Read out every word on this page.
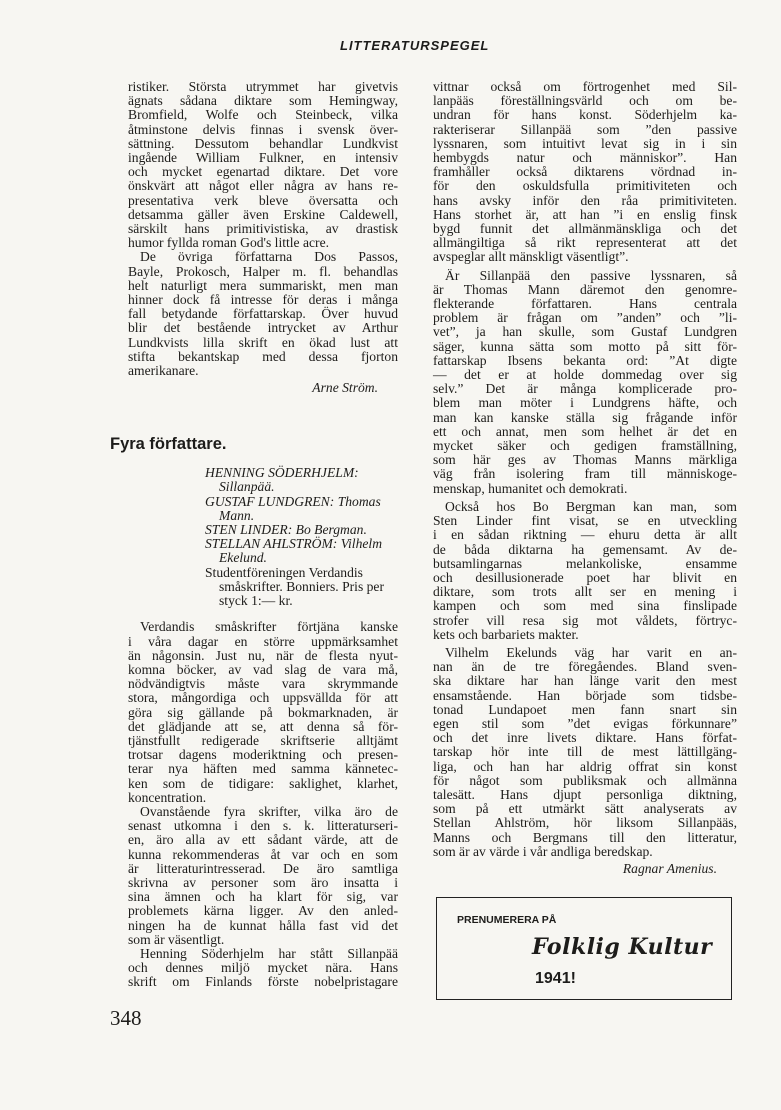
LITTERATURSPEGEL
ristiker. Största utrymmet har givetvis
ägnats sådana diktare som Hemingway,
Bromfield, Wolfe och Steinbeck, vilka
åtminstone delvis finnas i svensk över-
sättning. Dessutom behandlar Lundkvist
ingående William Fulkner, en intensiv
och mycket egenartad diktare. Det vore
önskvärt att något eller några av hans re-
presentativa verk bleve översatta och
detsamma gäller även Erskine Caldewell,
särskilt hans primitivistiska, av drastisk
humor fyllda roman God's little acre.
De övriga författarna Dos Passos,
Bayle, Prokosch, Halper m. fl. behandlas
helt naturligt mera summariskt, men man
hinner dock få intresse för deras i många
fall betydande författarskap. Över huvud
blir det bestående intrycket av Arthur
Lundkvists lilla skrift en ökad lust att
stifta bekantskap med dessa fjorton
amerikanare.
Arne Ström.
Fyra författare.
HENNING SÖDERHJELM: Sillanpää.
GUSTAF LUNDGREN: Thomas Mann.
STEN LINDER: Bo Bergman.
STELLAN AHLSTRÖM: Vilhelm Ekelund.
Studentföreningen Verdandis småskrifter. Bonniers. Pris per styck 1:— kr.
Verdandis småskrifter förtjäna kanske
i våra dagar en större uppmärksamhet
än någonsin. Just nu, när de flesta nyut-
komna böcker, av vad slag de vara må,
nödvändigtvis måste vara skrymmande
stora, mångordiga och uppsvällda för att
göra sig gällande på bokmarknaden, är
det glädjande att se, att denna så för-
tjänstfullt redigerade skriftserie alltjämt
trotsar dagens moderiktning och presen-
terar nya häften med samma kännetec-
ken som de tidigare: saklighet, klarhet,
koncentration.
Ovanstående fyra skrifter, vilka äro de
senast utkomna i den s. k. litteraturseri-
en, äro alla av ett sådant värde, att de
kunna rekommenderas åt var och en som
är litteraturintresserad. De äro samtliga
skrivna av personer som äro insatta i
sina ämnen och ha klart för sig, var
problemets kärna ligger. Av den anled-
ningen ha de kunnat hålla fast vid det
som är väsentligt.
Henning Söderhjelm har stått Sillanpää
och dennes miljö mycket nära. Hans
skrift om Finlands förste nobelpristagare
348
vittnar också om förtrogenhet med Sil-
lanpääs föreställningsvärld och om be-
undran för hans konst. Söderhjelm ka-
rakteriserar Sillanpää som ”den passive
lyssnaren, som intuitivt levat sig in i sin
hembygds natur och människor”. Han
framhåller också diktarens vördnad in-
för den oskuldsfulla primitiviteten och
hans avsky inför den råa primitiviteten.
Hans storhet är, att han ”i en enslig finsk
bygd funnit det allmänmänskliga och det
allmängiltiga så rikt representerat att det
avspeglar allt mänskligt väsentligt”.
Är Sillanpää den passive lyssnaren, så
är Thomas Mann däremot den genomre-
flekterande författaren. Hans centrala
problem är frågan om ”anden” och ”li-
vet”, ja han skulle, som Gustaf Lundgren
säger, kunna sätta som motto på sitt för-
fattarskap Ibsens bekanta ord: ”At digte
— det er at holde dommedag over sig
selv.” Det är många komplicerade pro-
blem man möter i Lundgrens häfte, och
man kan kanske ställa sig frågande inför
ett och annat, men som helhet är det en
mycket säker och gedigen framställning,
som här ges av Thomas Manns märkliga
väg från isolering fram till människoge-
menskap, humanitet och demokrati.
Också hos Bo Bergman kan man, som
Sten Linder fint visat, se en utveckling
i en sådan riktning — ehuru detta är allt
de båda diktarna ha gemensamt. Av de-
butsamlingarnas melankoliske, ensamme
och desillusionerade poet har blivit en
diktare, som trots allt ser en mening i
kampen och som med sina finslipade
strofer vill resa sig mot våldets, förtryc-
kets och barbariets makter.
Vilhelm Ekelunds väg har varit en an-
nan än de tre föregåendes. Bland sven-
ska diktare har han länge varit den mest
ensamstående. Han började som tidsbe-
tonad Lundapoet men fann snart sin
egen stil som ”det evigas förkunnare”
och det inre livets diktare. Hans förfat-
tarskap hör inte till de mest lättillgäng-
liga, och han har aldrig offrat sin konst
för något som publiksmak och allmänna
talesätt. Hans djupt personliga diktning,
som på ett utmärkt sätt analyserats av
Stellan Ahlström, hör liksom Sillanpääs,
Manns och Bergmans till den litteratur,
som är av värde i vår andliga beredskap.
Ragnar Amenius.
PRENUMERERA PÅ
Folklig Kultur
1941!
